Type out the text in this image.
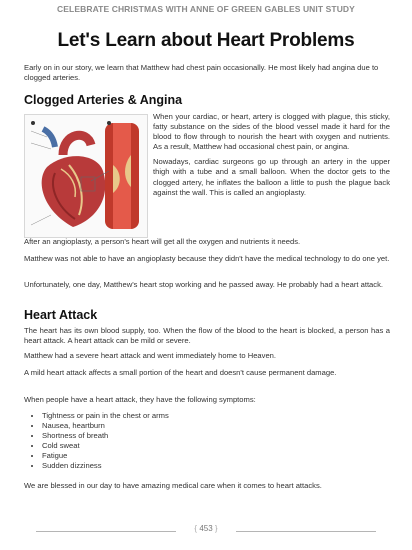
CELEBRATE CHRISTMAS WITH ANNE OF GREEN GABLES UNIT STUDY
Let's Learn about Heart Problems

Early on in our story, we learn that Matthew had chest pain occasionally. He most likely had angina due to clogged arteries.

Clogged Arteries & Angina

When your cardiac, or heart, artery is clogged with plague, this sticky, fatty substance on the sides of the blood vessel made it hard for the blood to flow through to nourish the heart with oxygen and nutrients. As a result, Matthew had occasional chest pain, or angina.

Nowadays, cardiac surgeons go up through an artery in the upper thigh with a tube and a small balloon. When the doctor gets to the clogged artery, he inflates the balloon a little to push the plague back against the wall. This is called an angioplasty.

After an angioplasty, a person's heart will get all the oxygen and nutrients it needs.

Matthew was not able to have an angioplasty because they didn't have the medical technology to do one yet.

Unfortunately, one day, Matthew's heart stop working and he passed away. He probably had a heart attack.

Heart Attack

The heart has its own blood supply, too. When the flow of the blood to the heart is blocked, a person has a heart attack. A heart attack can be mild or severe.

Matthew had a severe heart attack and went immediately home to Heaven.

A mild heart attack affects a small portion of the heart and doesn't cause permanent damage.

When people have a heart attack, they have the following symptoms:

• Tightness or pain in the chest or arms
• Nausea, heartburn
• Shortness of breath
• Cold sweat
• Fatigue
• Sudden dizziness

We are blessed in our day to have amazing medical care when it comes to heart attacks.

{ 453 }
